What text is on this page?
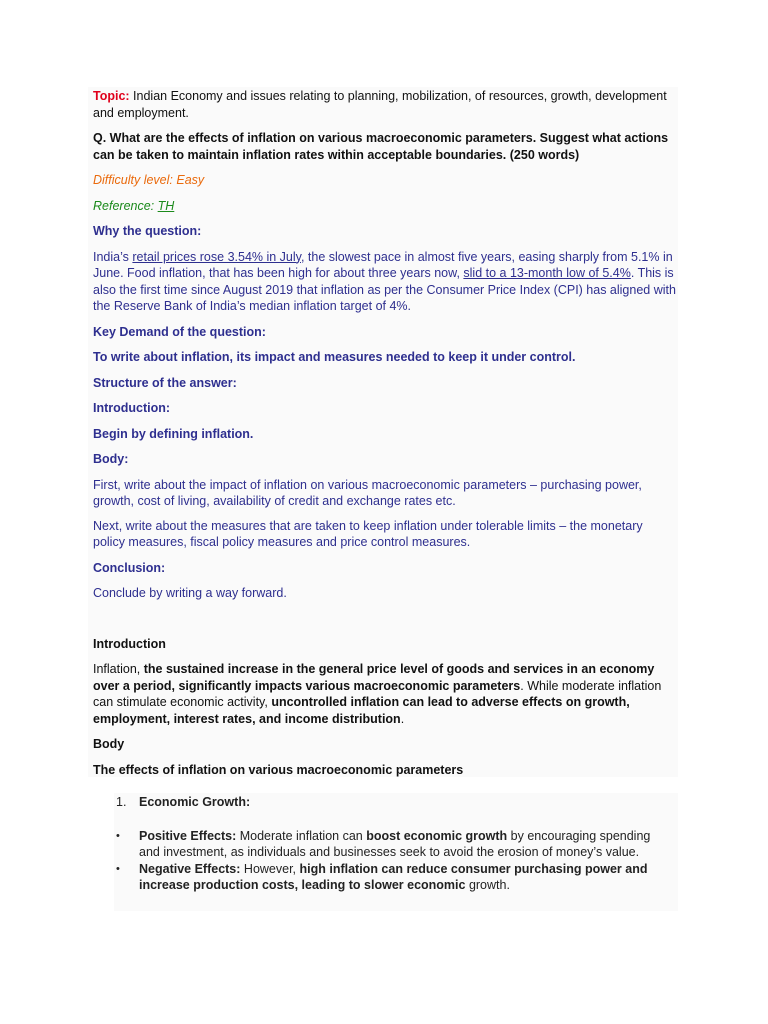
Topic: Indian Economy and issues relating to planning, mobilization, of resources, growth, development and employment.

Q. What are the effects of inflation on various macroeconomic parameters. Suggest what actions can be taken to maintain inflation rates within acceptable boundaries. (250 words)

Difficulty level: Easy

Reference: TH

Why the question:

India’s retail prices rose 3.54% in July, the slowest pace in almost five years, easing sharply from 5.1% in June. Food inflation, that has been high for about three years now, slid to a 13-month low of 5.4%. This is also the first time since August 2019 that inflation as per the Consumer Price Index (CPI) has aligned with the Reserve Bank of India’s median inflation target of 4%.

Key Demand of the question:

To write about inflation, its impact and measures needed to keep it under control.

Structure of the answer:

Introduction:

Begin by defining inflation.

Body:

First, write about the impact of inflation on various macroeconomic parameters – purchasing power, growth, cost of living, availability of credit and exchange rates etc.

Next, write about the measures that are taken to keep inflation under tolerable limits – the monetary policy measures, fiscal policy measures and price control measures.

Conclusion:

Conclude by writing a way forward.

Introduction

Inflation, the sustained increase in the general price level of goods and services in an economy over a period, significantly impacts various macroeconomic parameters. While moderate inflation can stimulate economic activity, uncontrolled inflation can lead to adverse effects on growth, employment, interest rates, and income distribution.

Body

The effects of inflation on various macroeconomic parameters

1. Economic Growth:
• Positive Effects: Moderate inflation can boost economic growth by encouraging spending and investment, as individuals and businesses seek to avoid the erosion of money’s value.
• Negative Effects: However, high inflation can reduce consumer purchasing power and increase production costs, leading to slower economic growth.
